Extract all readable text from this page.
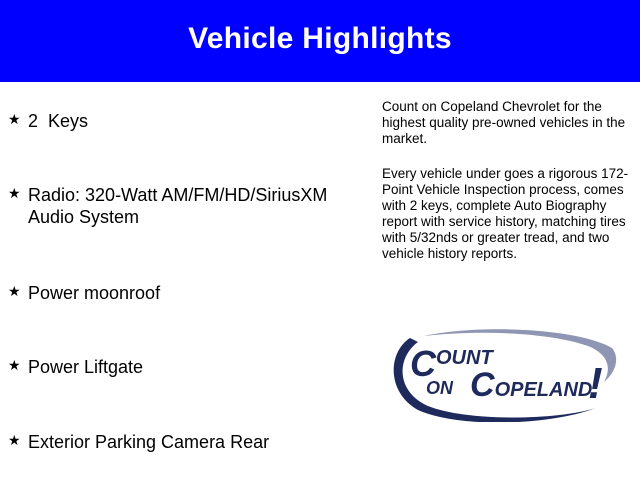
Vehicle Highlights
★ 2  Keys
★ Radio: 320-Watt AM/FM/HD/SiriusXM Audio System
★ Power moonroof
★ Power Liftgate
★ Exterior Parking Camera Rear
Count on Copeland Chevrolet for the highest quality pre-owned vehicles in the market.
Every vehicle under goes a rigorous 172-Point Vehicle Inspection process, comes with 2 keys, complete Auto Biography report with service history, matching tires with 5/32nds or greater tread, and two vehicle history reports.
COUNT
ON COPELAND
!
